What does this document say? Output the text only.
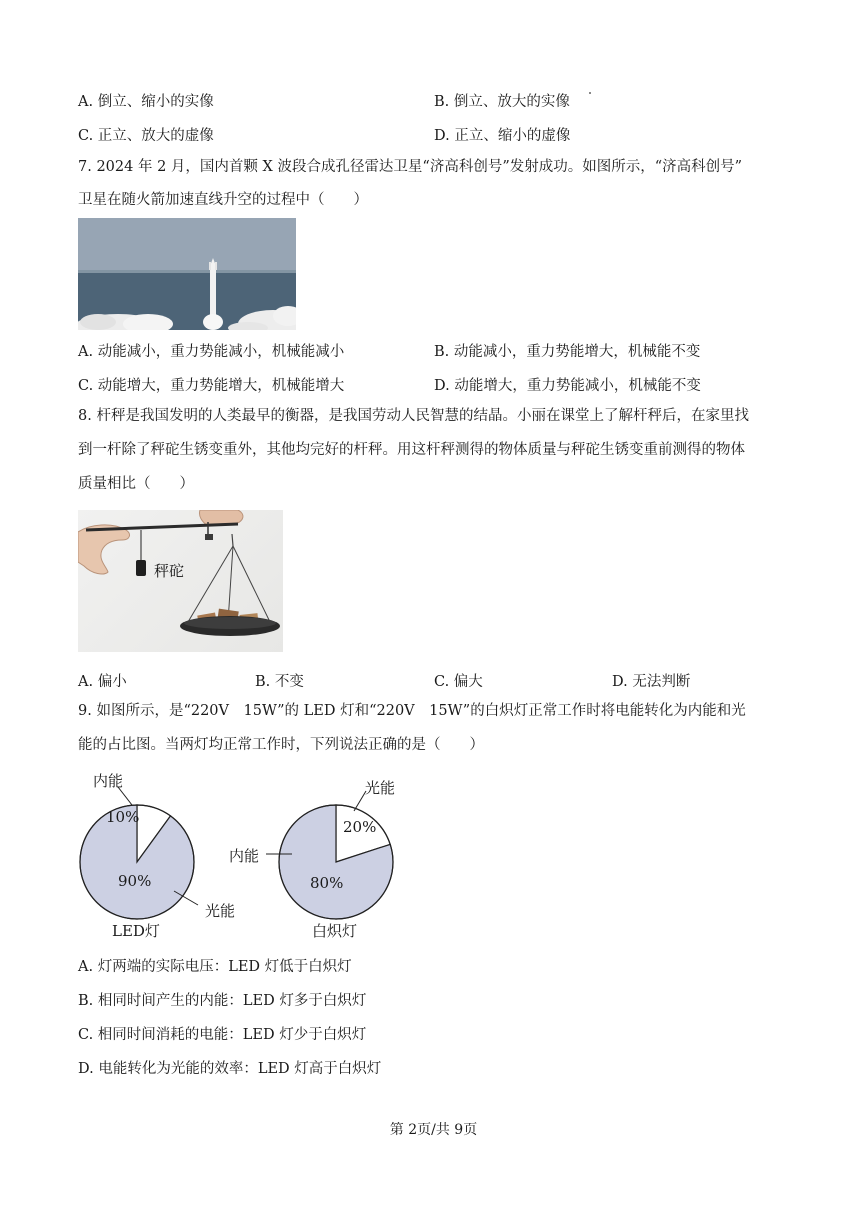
A. 倒立、缩小的实像	B. 倒立、放大的实像
C. 正立、放大的虚像	D. 正立、缩小的虚像
7. 2024 年 2 月，国内首颗 X 波段合成孔径雷达卫星“济高科创号”发射成功。如图所示，“济高科创号”
卫星在随火箭加速直线升空的过程中（　　）
A. 动能减小，重力势能减小，机械能减小	B. 动能减小，重力势能增大，机械能不变
C. 动能增大，重力势能增大，机械能增大	D. 动能增大，重力势能减小，机械能不变
8. 杆秤是我国发明的人类最早的衡器，是我国劳动人民智慧的结晶。小丽在课堂上了解杆秤后，在家里找
到一杆除了秤砣生锈变重外，其他均完好的杆秤。用这杆秤测得的物体质量与秤砣生锈变重前测得的物体
质量相比（　　）
秤砣
A. 偏小	B. 不变	C. 偏大	D. 无法判断
9. 如图所示，是“220V　15W”的 LED 灯和“220V　15W”的白炽灯正常工作时将电能转化为内能和光
能的占比图。当两灯均正常工作时，下列说法正确的是（　　）
内能
10%
90%
光能
LED灯
光能
20%
内能
80%
白炽灯
A. 灯两端的实际电压：LED 灯低于白炽灯
B. 相同时间产生的内能：LED 灯多于白炽灯
C. 相同时间消耗的电能：LED 灯少于白炽灯
D. 电能转化为光能的效率：LED 灯高于白炽灯
第 2页/共 9页
